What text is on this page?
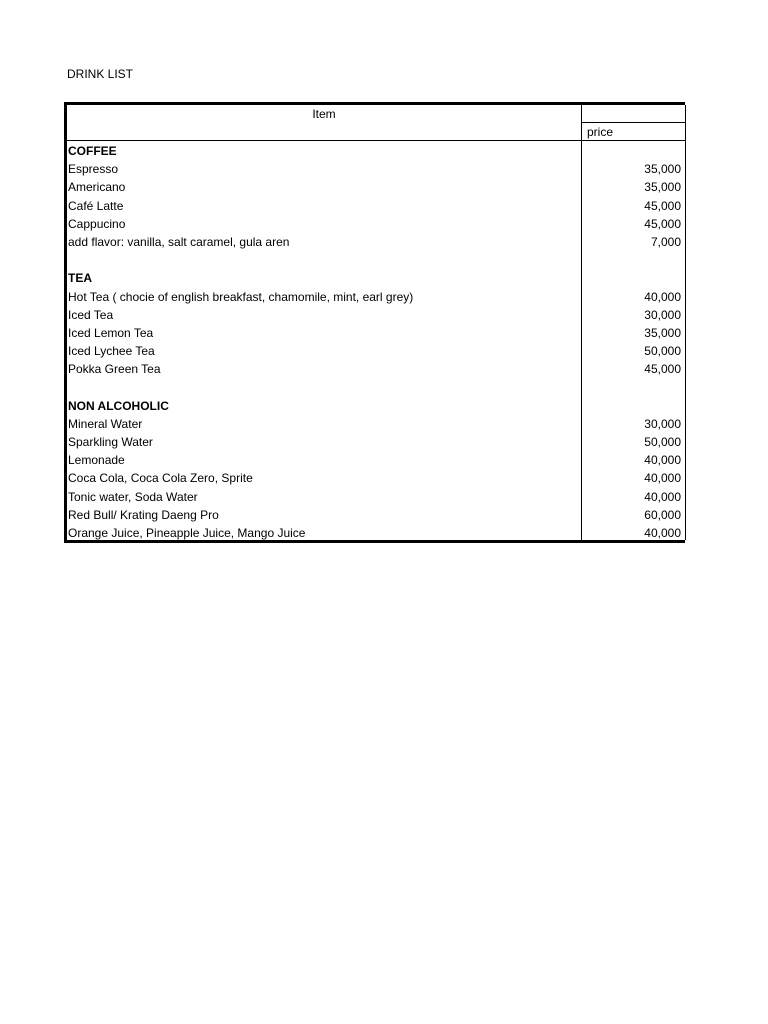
DRINK LIST
Item
price
COFFEE
Espresso	35,000
Americano	35,000
Café Latte	45,000
Cappucino	45,000
add flavor: vanilla, salt caramel, gula aren	7,000
TEA
Hot Tea ( chocie of english breakfast, chamomile, mint, earl grey)	40,000
Iced Tea	30,000
Iced Lemon Tea	35,000
Iced Lychee Tea	50,000
Pokka Green Tea	45,000
NON ALCOHOLIC
Mineral Water	30,000
Sparkling Water	50,000
Lemonade	40,000
Coca Cola, Coca Cola Zero, Sprite	40,000
Tonic water, Soda Water	40,000
Red Bull/ Krating Daeng Pro	60,000
Orange Juice, Pineapple Juice, Mango Juice	40,000
